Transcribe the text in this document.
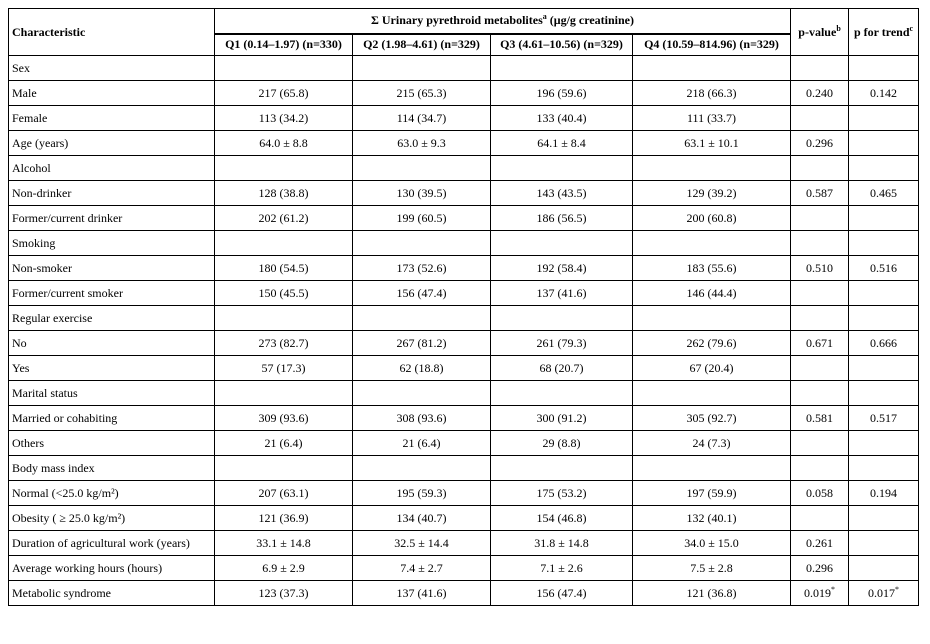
Characteristic	Σ Urinary pyrethroid metabolites$^a$ (μg/g creatinine)				p-value$^b$	p for trend$^c$
	Q1 (0.14–1.97) (n=330)	Q2 (1.98–4.61) (n=329)	Q3 (4.61–10.56) (n=329)	Q4 (10.59–814.96) (n=329)		
Sex						
Male	217 (65.8)	215 (65.3)	196 (59.6)	218 (66.3)	0.240	0.142
Female	113 (34.2)	114 (34.7)	133 (40.4)	111 (33.7)		
Age (years)	64.0 ± 8.8	63.0 ± 9.3	64.1 ± 8.4	63.1 ± 10.1	0.296	
Alcohol						
Non-drinker	128 (38.8)	130 (39.5)	143 (43.5)	129 (39.2)	0.587	0.465
Former/current drinker	202 (61.2)	199 (60.5)	186 (56.5)	200 (60.8)		
Smoking						
Non-smoker	180 (54.5)	173 (52.6)	192 (58.4)	183 (55.6)	0.510	0.516
Former/current smoker	150 (45.5)	156 (47.4)	137 (41.6)	146 (44.4)		
Regular exercise						
No	273 (82.7)	267 (81.2)	261 (79.3)	262 (79.6)	0.671	0.666
Yes	57 (17.3)	62 (18.8)	68 (20.7)	67 (20.4)		
Marital status						
Married or cohabiting	309 (93.6)	308 (93.6)	300 (91.2)	305 (92.7)	0.581	0.517
Others	21 (6.4)	21 (6.4)	29 (8.8)	24 (7.3)		
Body mass index						
Normal (<25.0 kg/m²)	207 (63.1)	195 (59.3)	175 (53.2)	197 (59.9)	0.058	0.194
Obesity ( ≥ 25.0 kg/m²)	121 (36.9)	134 (40.7)	154 (46.8)	132 (40.1)		
Duration of agricultural work (years)	33.1 ± 14.8	32.5 ± 14.4	31.8 ± 14.8	34.0 ± 15.0	0.261	
Average working hours (hours)	6.9 ± 2.9	7.4 ± 2.7	7.1 ± 2.6	7.5 ± 2.8	0.296	
Metabolic syndrome	123 (37.3)	137 (41.6)	156 (47.4)	121 (36.8)	0.019*	0.017*
